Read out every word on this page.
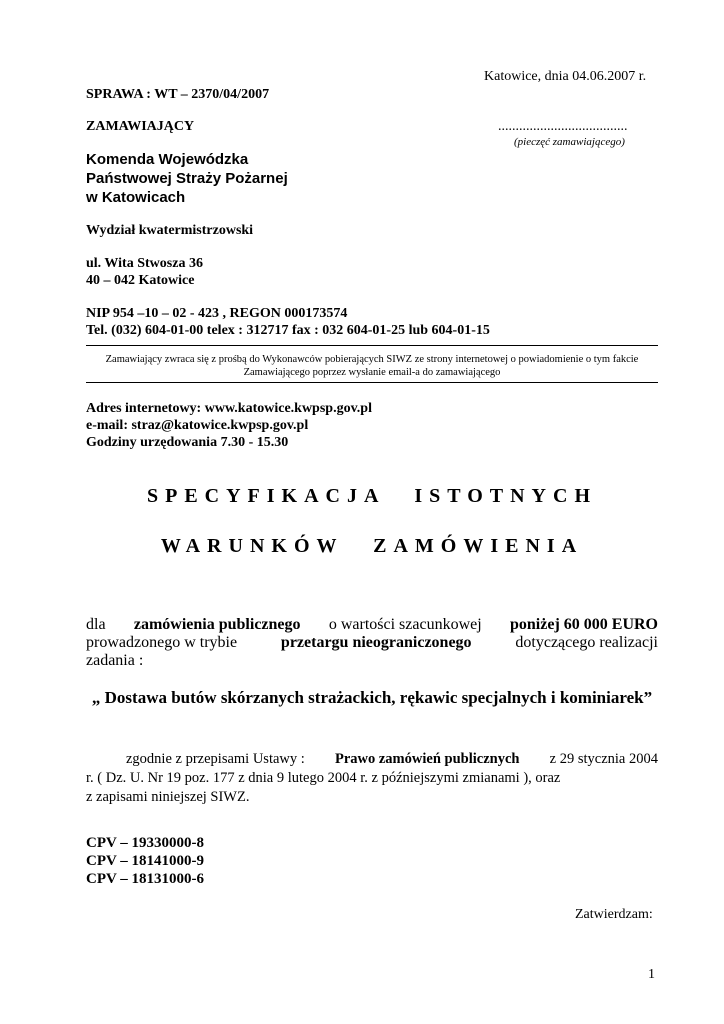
Katowice, dnia 04.06.2007 r.
SPRAWA : WT – 2370/04/2007
ZAMAWIAJĄCY	.....................................
(pieczęć zamawiającego)
Komenda Wojewódzka
Państwowej Straży Pożarnej
w Katowicach
Wydział kwatermistrzowski
ul. Wita Stwosza 36
40 – 042 Katowice
NIP 954 –10 – 02 - 423 , REGON 000173574
Tel. (032) 604-01-00 telex : 312717 fax : 032 604-01-25 lub 604-01-15
Zamawiający zwraca się z prośbą do Wykonawców pobierających SIWZ ze strony internetowej o powiadomienie o tym fakcie
Zamawiającego poprzez wysłanie email-a do zamawiającego
Adres internetowy: www.katowice.kwpsp.gov.pl
e-mail: straz@katowice.kwpsp.gov.pl
Godziny urzędowania 7.30 - 15.30
SPECYFIKACJA ISTOTNYCH
WARUNKÓW ZAMÓWIENIA
dla zamówienia publicznego o wartości szacunkowej poniżej 60 000 EURO
prowadzonego w trybie	przetargu nieograniczonego	dotyczącego realizacji
zadania :
„ Dostawa butów skórzanych strażackich, rękawic specjalnych i kominiarek”
zgodnie z przepisami Ustawy : Prawo zamówień publicznych z 29 stycznia 2004
r. ( Dz. U. Nr 19 poz. 177 z dnia 9 lutego 2004 r. z późniejszymi zmianami ), oraz
z zapisami niniejszej SIWZ.
CPV – 19330000-8
CPV – 18141000-9
CPV – 18131000-6
Zatwierdzam:
1
